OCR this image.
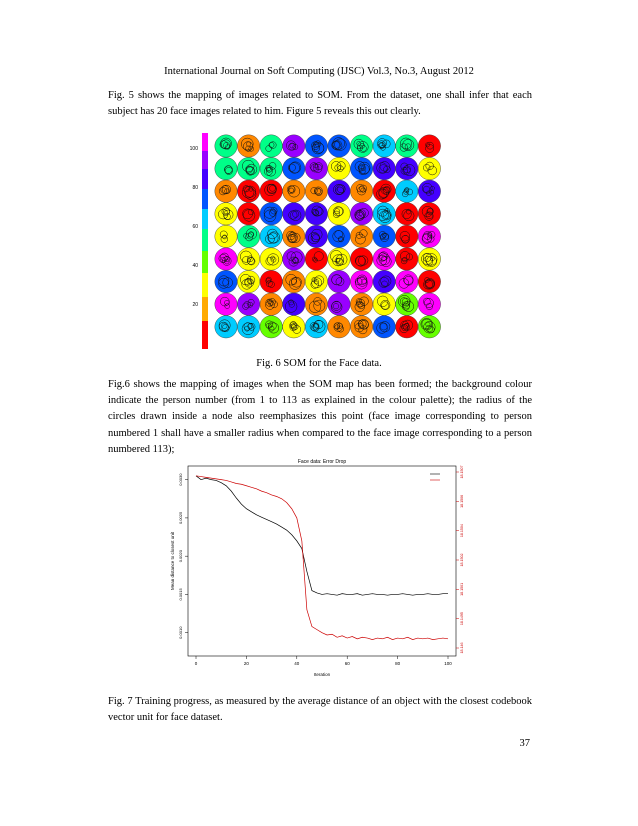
International Journal on Soft Computing (IJSC) Vol.3, No.3, August 2012
Fig. 5 shows the mapping of images related to SOM. From the dataset, one shall infer that each subject has 20 face images related to him. Figure 5 reveals this out clearly.
100
80
60
40
20
Fig. 6 SOM for the Face data.
Fig.6 shows the mapping of images when the SOM map has been formed; the background colour indicate the person number (from 1 to 113 as explained in the colour palette); the radius of the circles drawn inside a node also reemphasizes this point (face image corresponding to person numbered 1 shall have a smaller radius when compared to the face image corresponding to a person numbered 113);
Face data: Error Drop
Iteration
Mean distance to closest unit
0	20	40	60	80	100
0.0010
0.0015
0.0020
0.0025
0.0030
18.146
18.1495
18.1501
18.1502
18.1504
18.1506
18.1507
Fig. 7 Training progress, as measured by the average distance of an object with the closest codebook vector unit for face dataset.
37
